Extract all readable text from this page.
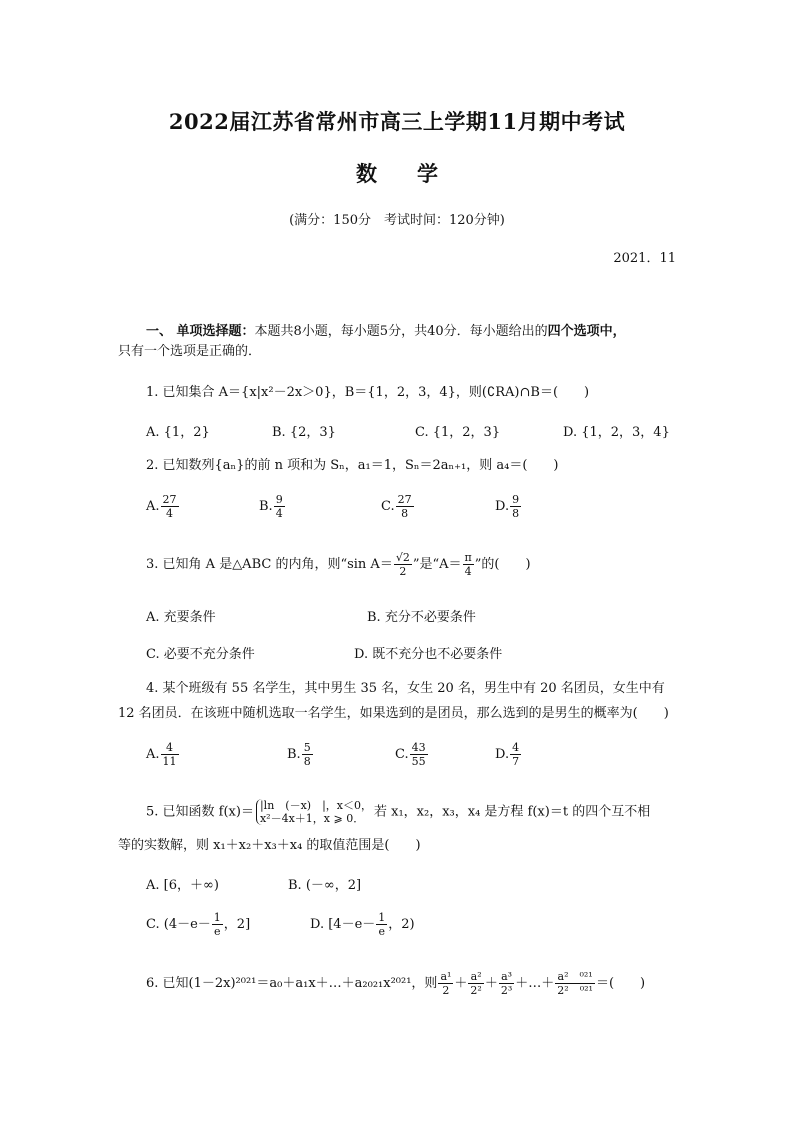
2022届江苏省常州市高三上学期11月期中考试
数学
(满分：150分　考试时间：120分钟)
2021．11
一、 单项选择题：本题共8小题，每小题5分，共40分．每小题给出的四个选项中，
只有一个选项是正确的．
1. 已知集合 A＝{x|x²－2x＞0}，B＝{1，2，3，4}，则(∁RA)∩B＝(　　)
A. {1，2}	B. {2，3}	C. {1，2，3}	D. {1，2，3，4}
2. 已知数列{aₙ}的前 n 项和为 Sₙ，a₁＝1，Sₙ＝2aₙ₊₁，则 a₄＝(　　)
A. $\frac{27}{4}$	B. $\frac{9}{4}$	C. $\frac{27}{8}$	D. $\frac{9}{8}$
3. 已知角 A 是△ABC 的内角，则“sin $A= \frac{√2}{2}$ ”是“$A= \frac{\pi}{4}$ ”的(　　)
A. 充要条件	B. 充分不必要条件
C. 必要不充分条件	D. 既不充分也不必要条件
4. 某个班级有 55 名学生，其中男生 35 名，女生 20 名，男生中有 20 名团员，女生中有
12 名团员．在该班中随机选取一名学生，如果选到的是团员，那么选到的是男生的概率为(　　)
A. $\frac{4}{11}$	B. $\frac{5}{8}$	C. $\frac{43}{55}$	D. $\frac{4}{7}$
5. 已知函数 f(x)＝ |ln　(－x)　|，x＜0，
x²－4x＋1，x ⩾ 0． 若 x₁，x₂，x₃，x₄ 是方程 f(x)＝t 的四个互不相
等的实数解，则 x₁＋x₂＋x₃＋x₄ 的取值范围是(　　)
A. [6，＋∞)	B. (－∞，2]
C. ($4-e- \frac{1}{e}$ ，2]	D. [$4-e- \frac{1}{e}$ ，2)
6. 已知(1－2x)²⁰²¹＝a₀＋a₁x＋…＋a₂₀₂₁x²⁰²¹，则 $\frac{\text{a¹}}{2} + \frac{\text{a²}}{\text{2²}} + \frac{\text{a³}}{\text{2³}}$ ＋…＋ $\frac{\text{a²　⁰²¹}}{\text{2²　⁰²¹}}$ ＝(　　)
